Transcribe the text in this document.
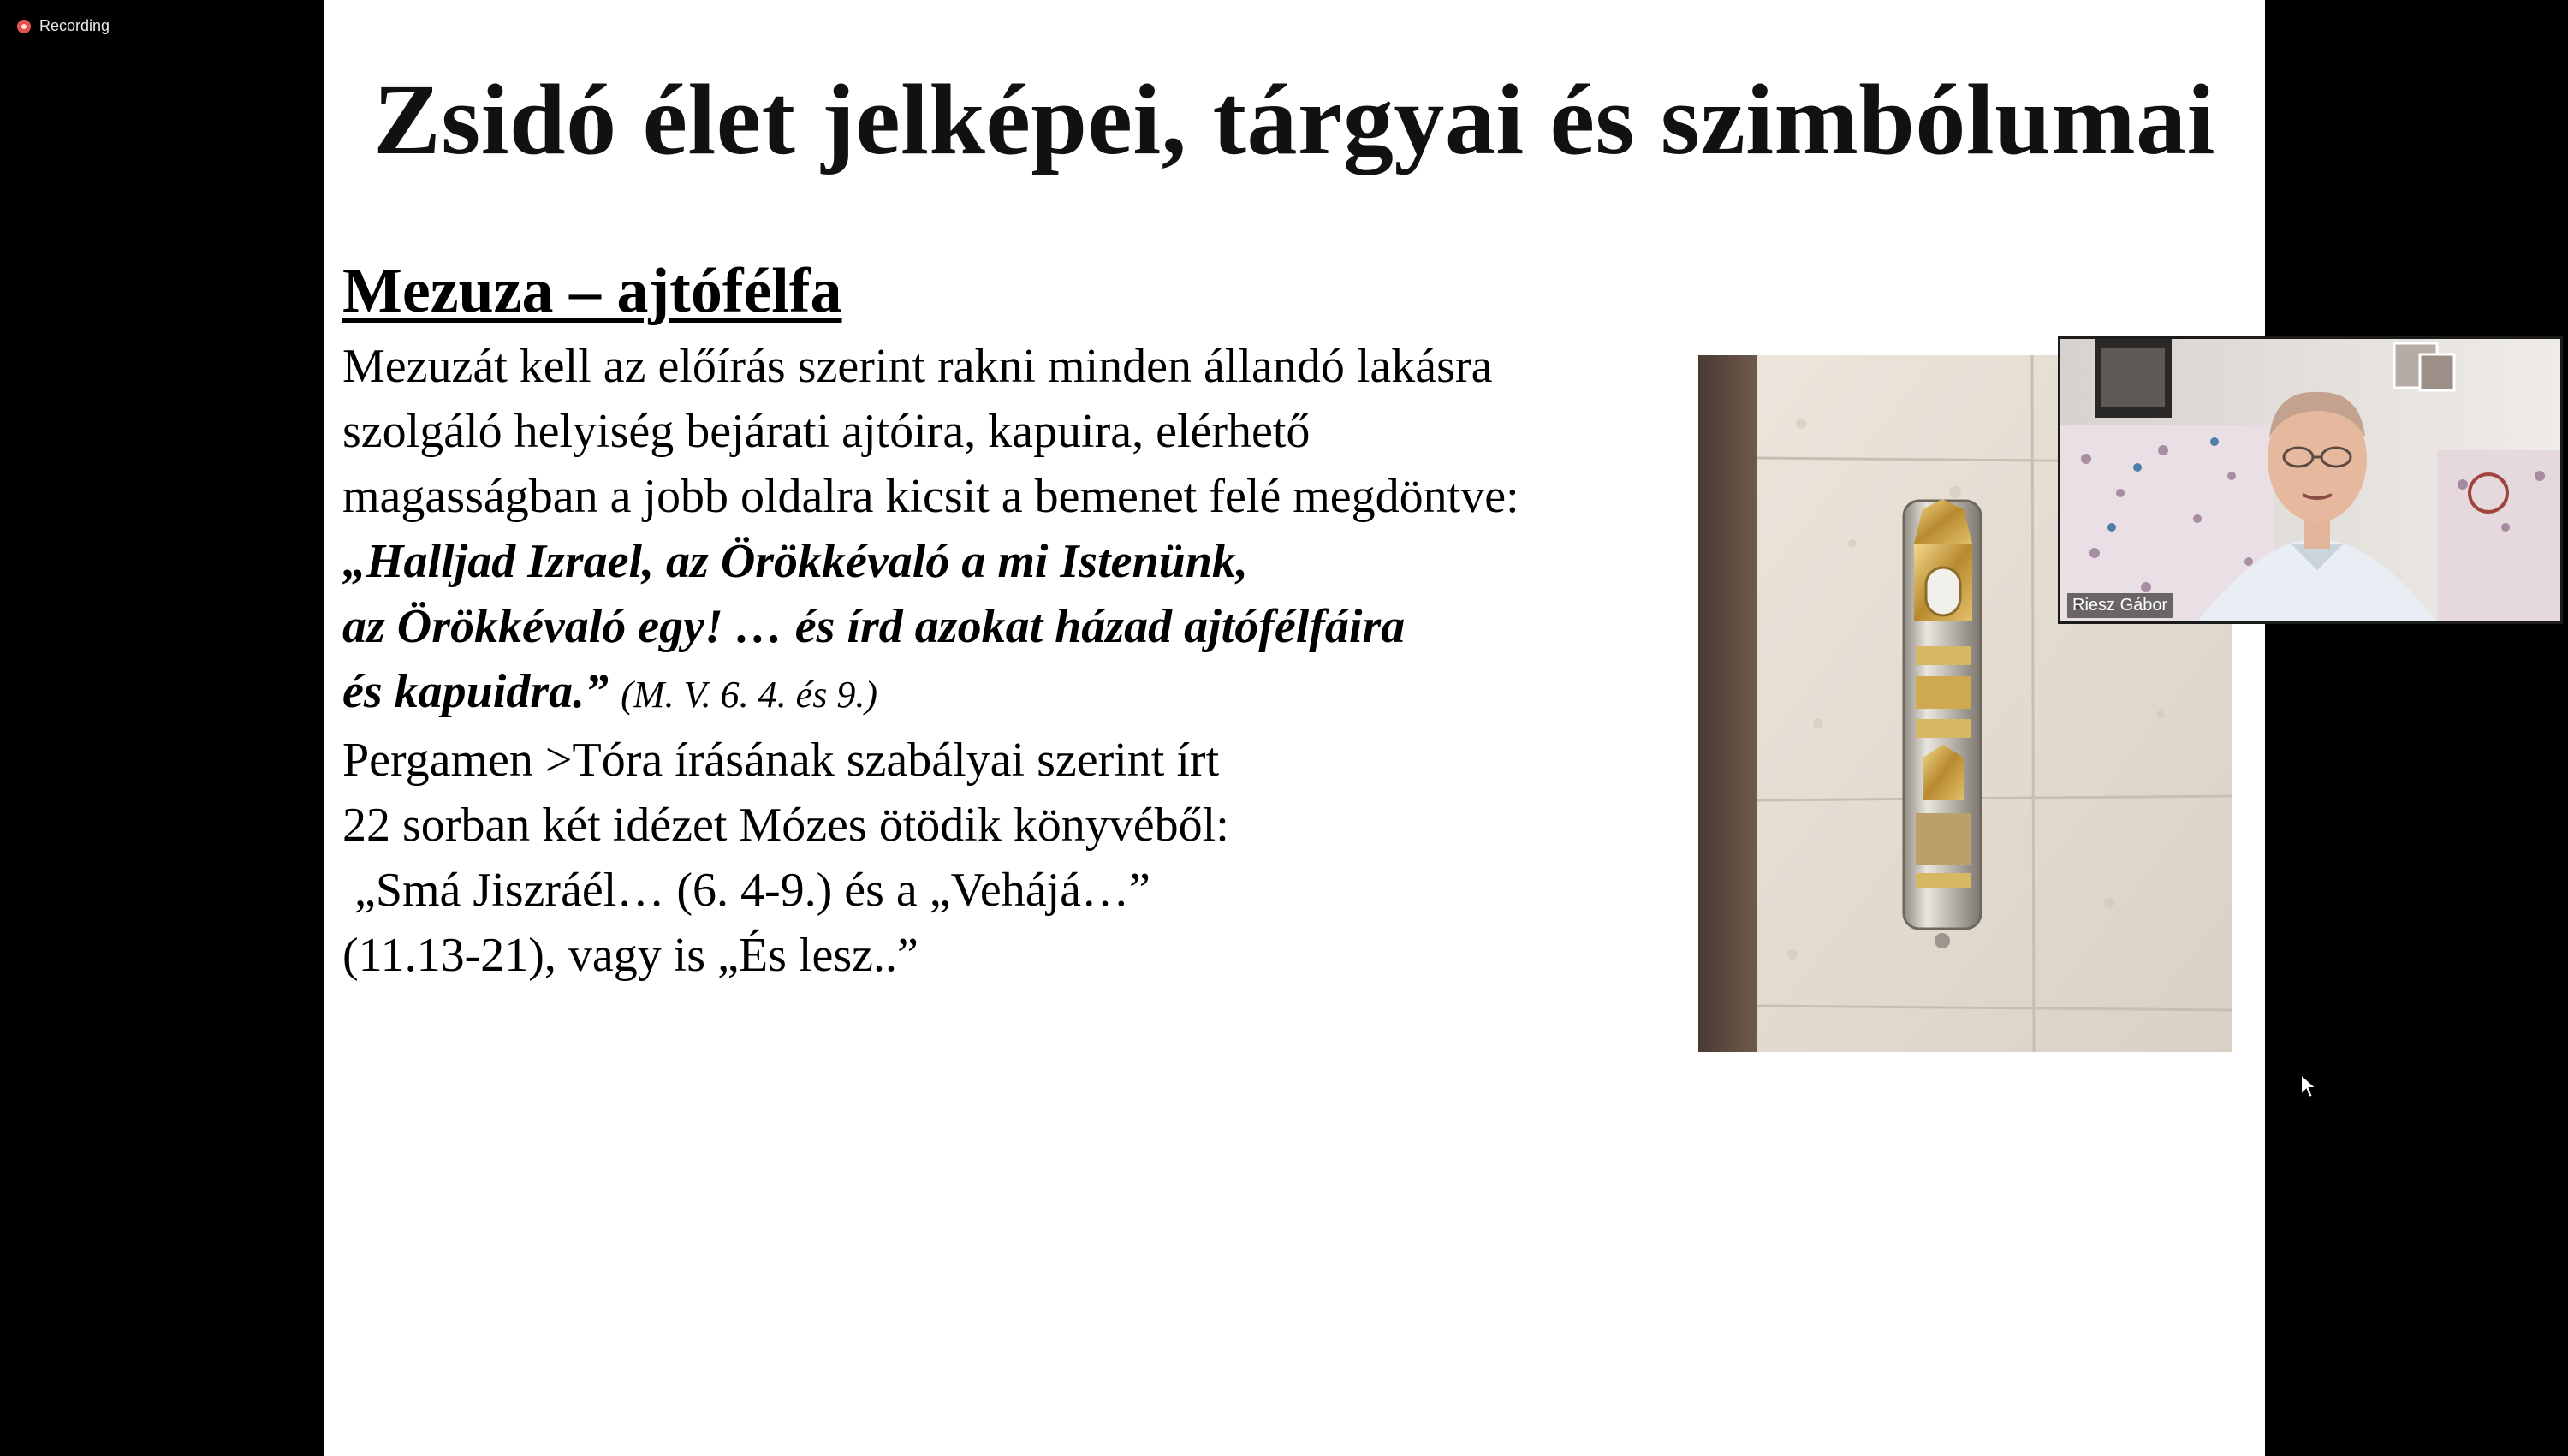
Recording
Zsidó élet jelképei, tárgyai és szimbólumai
Mezuza – ajtófélfa
Mezuzát kell az előírás szerint rakni minden állandó lakásra
szolgáló helyiség bejárati ajtóira, kapuira, elérhető
magasságban a jobb oldalra kicsit a bemenet felé megdöntve:
„Halljad Izrael, az Örökkévaló a mi Istenünk,
az Örökkévaló egy! … és írd azokat házad ajtófélfáira
és kapuidra.” (M. V. 6. 4. és 9.)
Pergamen >Tóra írásának szabályai szerint írt
22 sorban két idézet Mózes ötödik könyvéből:
„Smá Jiszráél… (6. 4-9.) és a „Vehájá…”
(11.13-21), vagy is „És lesz..”
Riesz Gábor
